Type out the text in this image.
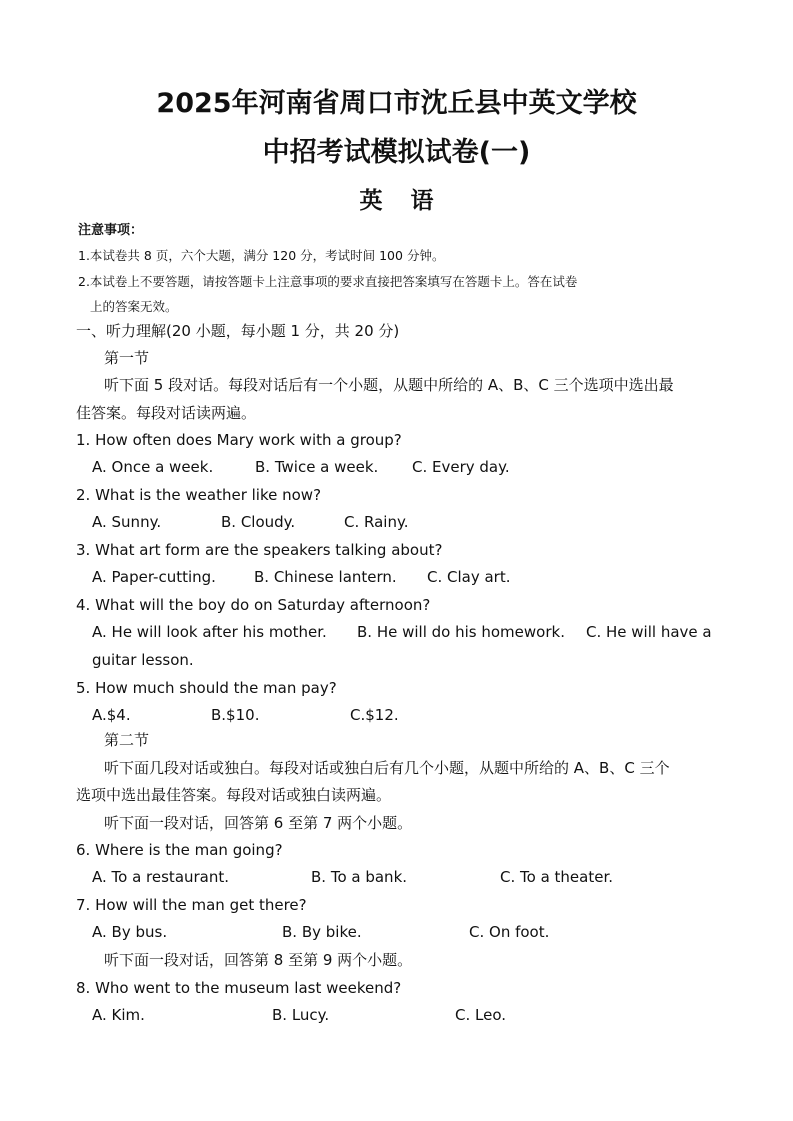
2025年河南省周口市沈丘县中英文学校
中招考试模拟试卷(一)
英语
注意事项：
1.本试卷共 8 页，六个大题，满分 120 分，考试时间 100 分钟。
2.本试卷上不要答题，请按答题卡上注意事项的要求直接把答案填写在答题卡上。答在试卷
上的答案无效。
一、听力理解(20 小题，每小题 1 分，共 20 分)
第一节
听下面 5 段对话。每段对话后有一个小题，从题中所给的 A、B、C 三个选项中选出最
佳答案。每段对话读两遍。
1. How often does Mary work with a group?
A. Once a week.	B. Twice a week. C. Every day.
2. What is the weather like now?
A. Sunny.	B. Cloudy.	C. Rainy.
3. What art form are the speakers talking about?
A. Paper-cutting.	B. Chinese lantern. C. Clay art.
4. What will the boy do on Saturday afternoon?
A. He will look after his mother. B. He will do his homework. C. He will have a
guitar lesson.
5. How much should the man pay?
A.$4.	B.$10.	C.$12.
第二节
听下面几段对话或独白。每段对话或独白后有几个小题，从题中所给的 A、B、C 三个
选项中选出最佳答案。每段对话或独白读两遍。
听下面一段对话，回答第 6 至第 7 两个小题。
6. Where is the man going?
A. To a restaurant.	B. To a bank.	C. To a theater.
7. How will the man get there?
A. By bus.	B. By bike.	C. On foot.
听下面一段对话，回答第 8 至第 9 两个小题。
8. Who went to the museum last weekend?
A. Kim.	B. Lucy.	C. Leo.
